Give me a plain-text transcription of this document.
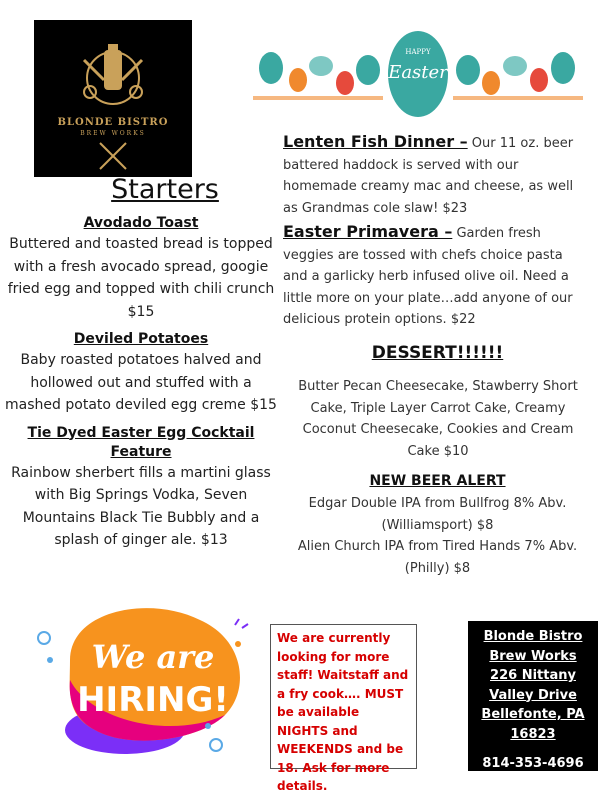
BLONDE BISTRO
BREW WORKS
HAPPY
Easter
Starters
Avodado Toast
Buttered and toasted bread is topped with a fresh avocado spread, googie fried egg and topped with chili crunch $15
Deviled Potatoes
Baby roasted potatoes halved and hollowed out and stuffed with a mashed potato deviled egg creme $15
Tie Dyed Easter Egg Cocktail Feature
Rainbow sherbert fills a martini glass with Big Springs Vodka, Seven Mountains Black Tie Bubbly and a splash of ginger ale. $13
Lenten Fish Dinner – Our 11 oz. beer battered haddock is served with our homemade creamy mac and cheese, as well as Grandmas cole slaw! $23
Easter Primavera – Garden fresh veggies are tossed with chefs choice pasta and a garlicky herb infused olive oil. Need a little more on your plate…add anyone of our delicious protein options. $22
DESSERT!!!!!!
Butter Pecan Cheesecake, Stawberry Short Cake, Triple Layer Carrot Cake, Creamy Coconut Cheesecake, Cookies and Cream Cake $10
NEW BEER ALERT
Edgar Double IPA from Bullfrog 8% Abv. (Williamsport) $8
Alien Church IPA from Tired Hands 7% Abv. (Philly) $8
We are
HIRING!
We are currently looking for more staff! Waitstaff and a fry cook…. MUST be available NIGHTS and WEEKENDS and be 18. Ask for more details.
Blonde Bistro
Brew Works
226 Nittany Valley Drive
Bellefonte, PA 16823
814-353-4696
